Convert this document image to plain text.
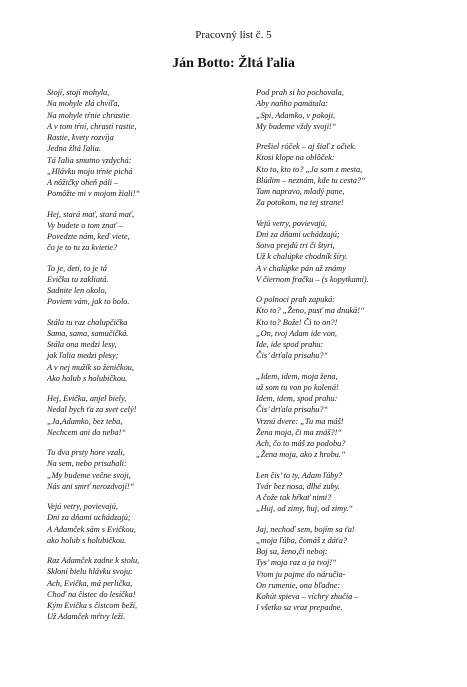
Pracovný list č. 5
Ján Botto: Žltá ľalia
Stojí, stojí mohyla,
Na mohyle zlá chvíľa,
Na mohyle tŕnie chrastie
A v tom tŕní, chrastí rastie,
Rastie, kvety rozvíja
Jedna žltá ľalia.
Tá ľalia smutno vzdychá:
„Hlávku moju tŕnie pichá
A nôžičky oheň páli –
Pomôžte mi v mojom žiali!“
Hej, stará mať, stará mať,
Vy budete o tom znať –
Povedzte nám, keď viete,
čo je to tu za kvietie?
To je, deti, to je tá
Evička tu zakliatá.
Sadnite len okolo,
Poviem vám, jak to bolo.
Stála tu raz chalupčička
Sama, sama, samučičká.
Stála ona medzi lesy,
jak ľalia medzi plesy;
A v nej mužík so ženičkou,
Ako holub s holubičkou.
Hej, Evička, anjel biely,
Nedal bych ťa za svet celý!
„Ja,Adamko, bez teba,
Nechcem ani do neba!“
Tu dva prsty hore vzali,
Na sem, nebo prisahali:
„My budeme večne svoji,
Nás ani smrť nerozdvojí!“
Vejú vetry, povievajú,
Dni za dňami uchádzajú;
A Adamček sám s Evičkou,
ako holub s holubičkou.
Raz Adamček zadne k stolu,
Skloní bielu hlávku svoju:
Ach, Evička, má perlička,
Choď na čistec do lesíčka!
Kým Evička s čistcom beží,
Už Adamček mŕtvy leží.
Pod prah si ho pochovala,
Aby naňho pamätala:
„Spi, Adamko, v pokoji,
My budeme vždy svoji!“
Prešiel róček – aj šiaľ z očiek.
Ktosi klope na oblôček:
Kto to, kto to? „Ja som z mesta,
Blúdim – neznám, kde tu cesta?“
Tam napravo, mladý pane,
Za potokom, na tej strane!
Vejú vetry, povievajú,
Dni za dňami uchádzajú;
Sotva prejdú tri či štyri,
Už k chalúpke chodník šíry.
A v chalúpke pán už známy
V čiernom fračku – (s kopytkami).
O polnoci prah zapuká:
Kto to? „Ženo, pusť ma dnuká!“
Kto to? Bože! Či to on?!
„On, tvoj Adam ide von,
Ide, ide spod prahu:
Čis’ drťala prisahu?“
„Idem, idem, moja žena,
už som tu von po kolená!
Idem, idem, spod prahu:
Čis’ drťala prisahu?“
Vrznú dvere: „Tu ma máš!
Žena moja, či ma znáš?!“
Ach, čo to máš za podobu?
„Žena moja, ako z hrobu.“
Len čis’ to ty, Adam ľúby?
Tvár bez nosa, dlhé zuby.
A čože tak hŕkať nimi?
„Huj, od zimy, huj, od zimy.“
Jaj, nechoď sem, bojím sa ťa!
„moja ľúba, čomáš z dáťa?
Boj sa, ženo,či neboj:
Tys’ moja raz a ja tvoj!“
Vtom ju pojme do náručia-
On rumenie, ona bľadne:
Kohút spieva – víchry zhučia –
I všetko sa vraz prepadne.
